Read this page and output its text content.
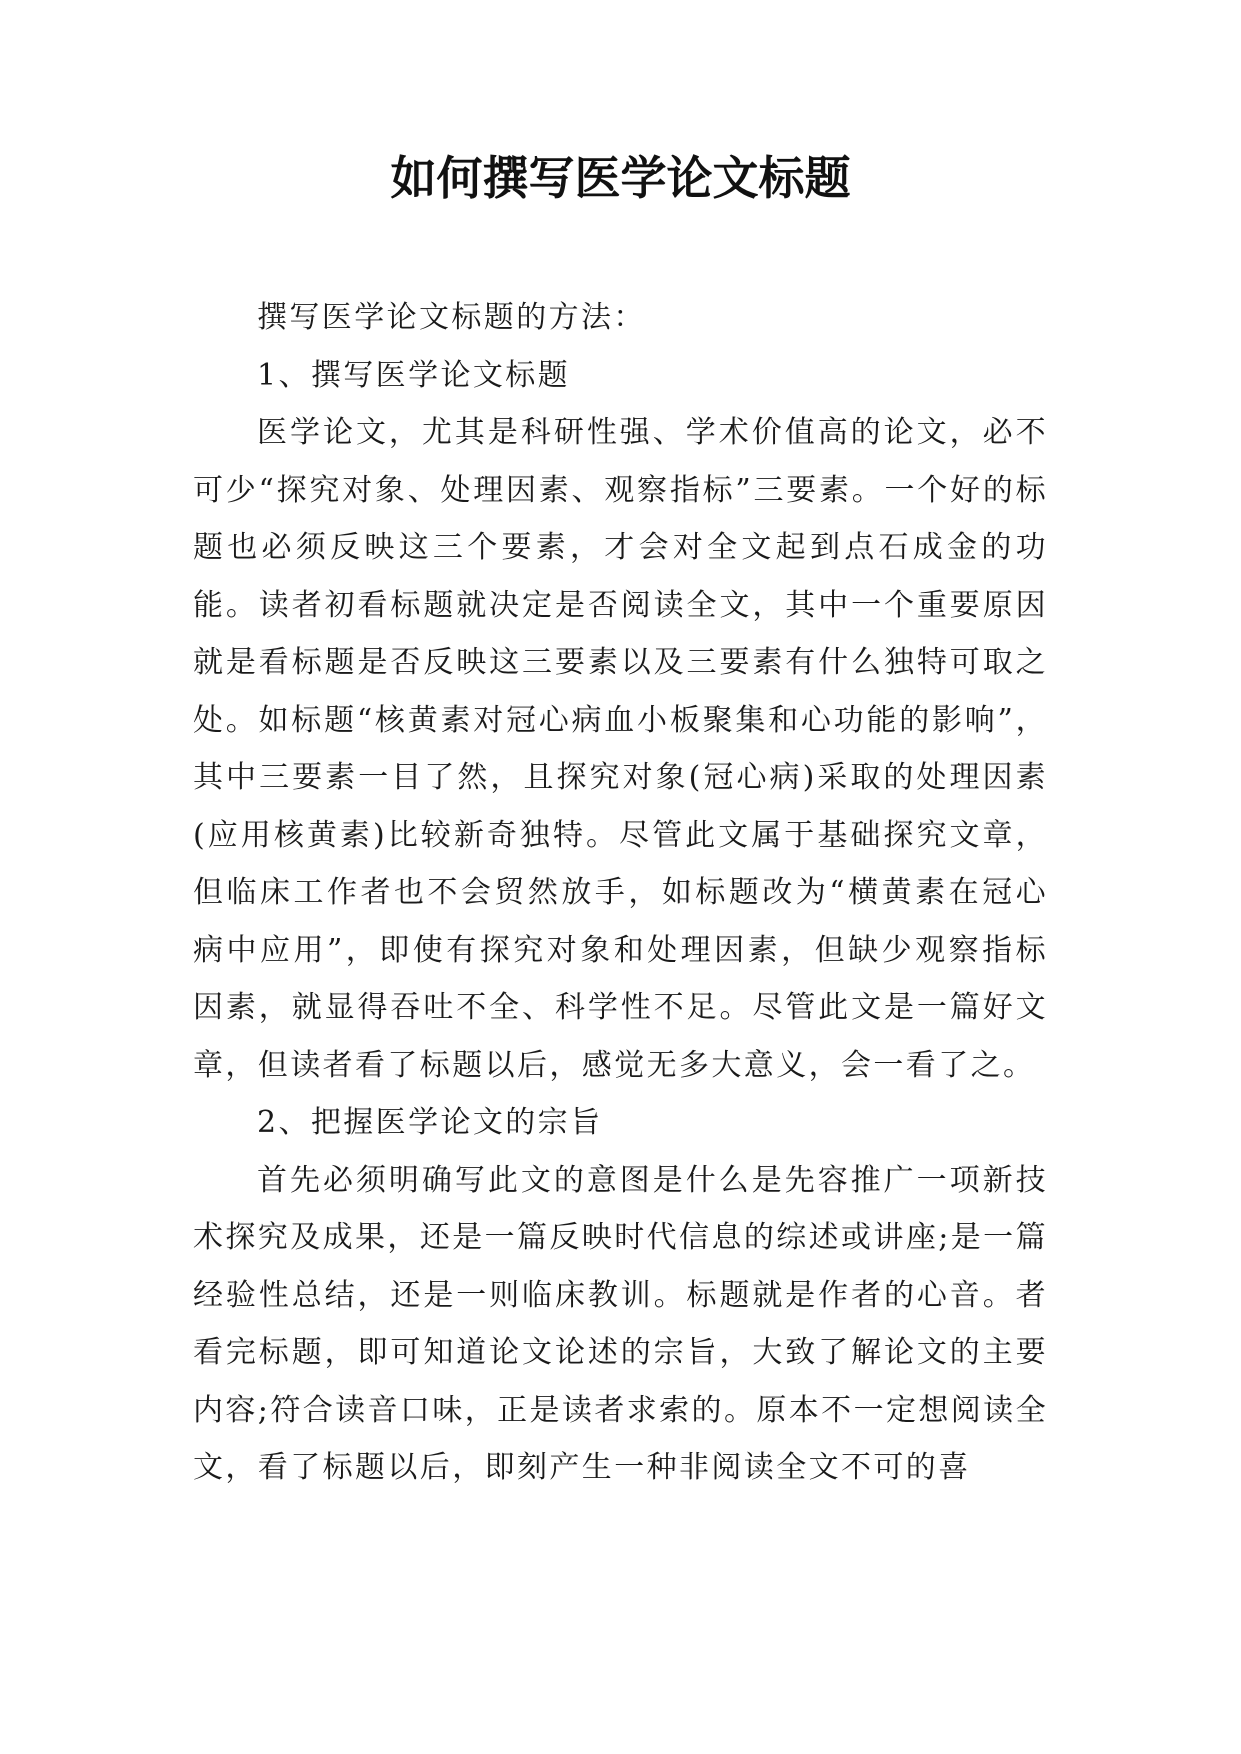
如何撰写医学论文标题

撰写医学论文标题的方法：

1、撰写医学论文标题

医学论文，尤其是科研性强、学术价值高的论文，必不可少“探究对象、处理因素、观察指标”三要素。一个好的标题也必须反映这三个要素，才会对全文起到点石成金的功能。读者初看标题就决定是否阅读全文，其中一个重要原因就是看标题是否反映这三要素以及三要素有什么独特可取之处。如标题“核黄素对冠心病血小板聚集和心功能的影响”，其中三要素一目了然，且探究对象(冠心病)采取的处理因素(应用核黄素)比较新奇独特。尽管此文属于基础探究文章，但临床工作者也不会贸然放手，如标题改为“横黄素在冠心病中应用”，即使有探究对象和处理因素，但缺少观察指标因素，就显得吞吐不全、科学性不足。尽管此文是一篇好文章，但读者看了标题以后，感觉无多大意义，会一看了之。

2、把握医学论文的宗旨

首先必须明确写此文的意图是什么是先容推广一项新技术探究及成果，还是一篇反映时代信息的综述或讲座;是一篇经验性总结，还是一则临床教训。标题就是作者的心音。者看完标题，即可知道论文论述的宗旨，大致了解论文的主要内容;符合读音口味，正是读者求索的。原本不一定想阅读全文，看了标题以后，即刻产生一种非阅读全文不可的喜
